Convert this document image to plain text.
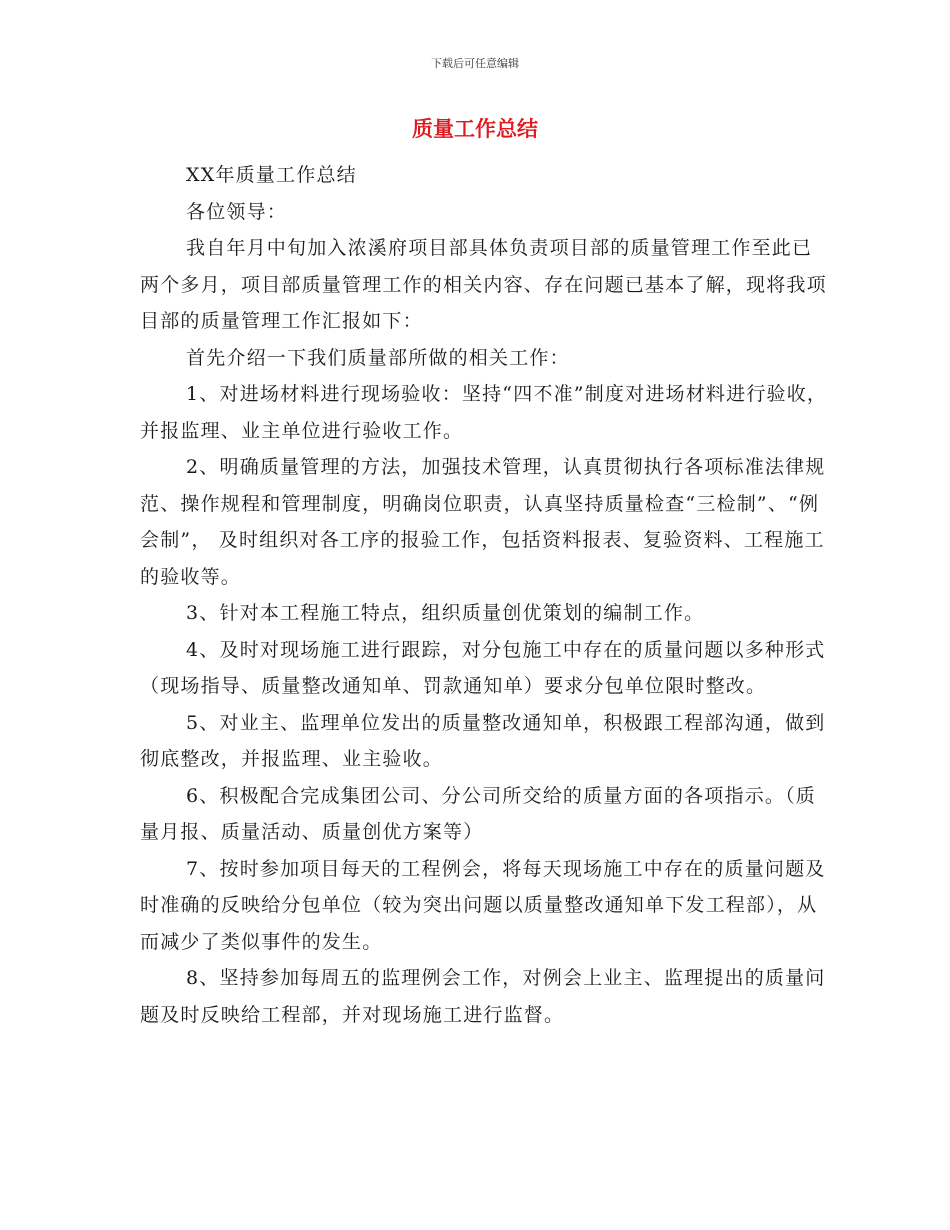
下载后可任意编辑
质量工作总结

XX年质量工作总结

各位领导：

我自年月中旬加入浓溪府项目部具体负责项目部的质量管理工作至此已两个多月，项目部质量管理工作的相关内容、存在问题已基本了解，现将我项目部的质量管理工作汇报如下：

首先介绍一下我们质量部所做的相关工作：

1、对进场材料进行现场验收：坚持“四不准”制度对进场材料进行验收，并报监理、业主单位进行验收工作。

2、明确质量管理的方法，加强技术管理，认真贯彻执行各项标准法律规范、操作规程和管理制度，明确岗位职责，认真坚持质量检查“三检制”、“例会制”， 及时组织对各工序的报验工作，包括资料报表、复验资料、工程施工的验收等。

3、针对本工程施工特点，组织质量创优策划的编制工作。

4、及时对现场施工进行跟踪，对分包施工中存在的质量问题以多种形式（现场指导、质量整改通知单、罚款通知单）要求分包单位限时整改。

5、对业主、监理单位发出的质量整改通知单，积极跟工程部沟通，做到彻底整改，并报监理、业主验收。

6、积极配合完成集团公司、分公司所交给的质量方面的各项指示。（质量月报、质量活动、质量创优方案等）

7、按时参加项目每天的工程例会，将每天现场施工中存在的质量问题及时准确的反映给分包单位（较为突出问题以质量整改通知单下发工程部），从而减少了类似事件的发生。

8、坚持参加每周五的监理例会工作，对例会上业主、监理提出的质量问题及时反映给工程部，并对现场施工进行监督。
